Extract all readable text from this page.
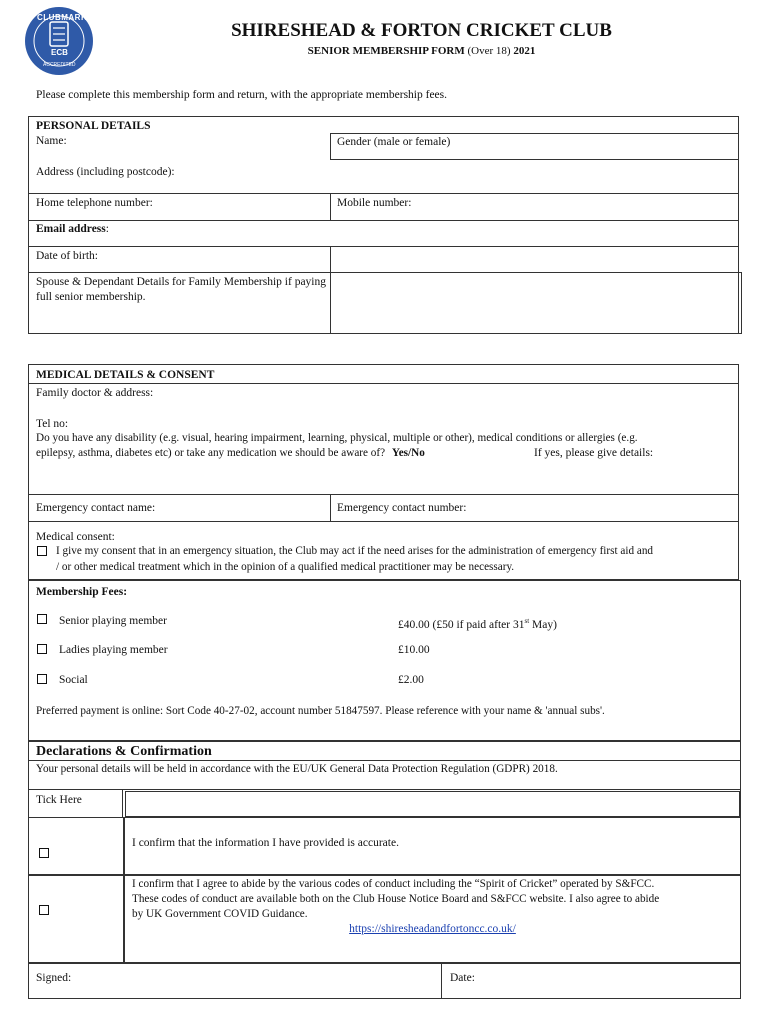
CLUBMARK
ECB
ACCREDITED
SHIRESHEAD & FORTON CRICKET CLUB
SENIOR MEMBERSHIP FORM (Over 18) 2021
Please complete this membership form and return, with the appropriate membership fees.
PERSONAL DETAILS
Name:	Gender (male or female)
Address (including postcode):
Home telephone number:	Mobile number:
Email address:
Date of birth:
Spouse & Dependant Details for Family Membership if paying full senior membership.
MEDICAL DETAILS & CONSENT
Family doctor & address:
Tel no:
Do you have any disability (e.g. visual, hearing impairment, learning, physical, multiple or other), medical conditions or allergies (e.g.
epilepsy, asthma, diabetes etc) or take any medication we should be aware of? Yes/No	If yes, please give details:
Emergency contact name:	Emergency contact number:
Medical consent:
I give my consent that in an emergency situation, the Club may act if the need arises for the administration of emergency first aid and
/ or other medical treatment which in the opinion of a qualified medical practitioner may be necessary.
Membership Fees:
Senior playing member	£40.00 (£50 if paid after 31st May)
Ladies playing member	£10.00
Social	£2.00
Preferred payment is online: Sort Code 40-27-02, account number 51847597. Please reference with your name & 'annual subs'.
Declarations & Confirmation
Your personal details will be held in accordance with the EU/UK General Data Protection Regulation (GDPR) 2018.
Tick Here
I confirm that the information I have provided is accurate.
I confirm that I agree to abide by the various codes of conduct including the “Spirit of Cricket” operated by S&FCC.
These codes of conduct are available both on the Club House Notice Board and S&FCC website. I also agree to abide
by UK Government COVID Guidance.
https://shiresheadandfortoncc.co.uk/
Signed:	Date:
